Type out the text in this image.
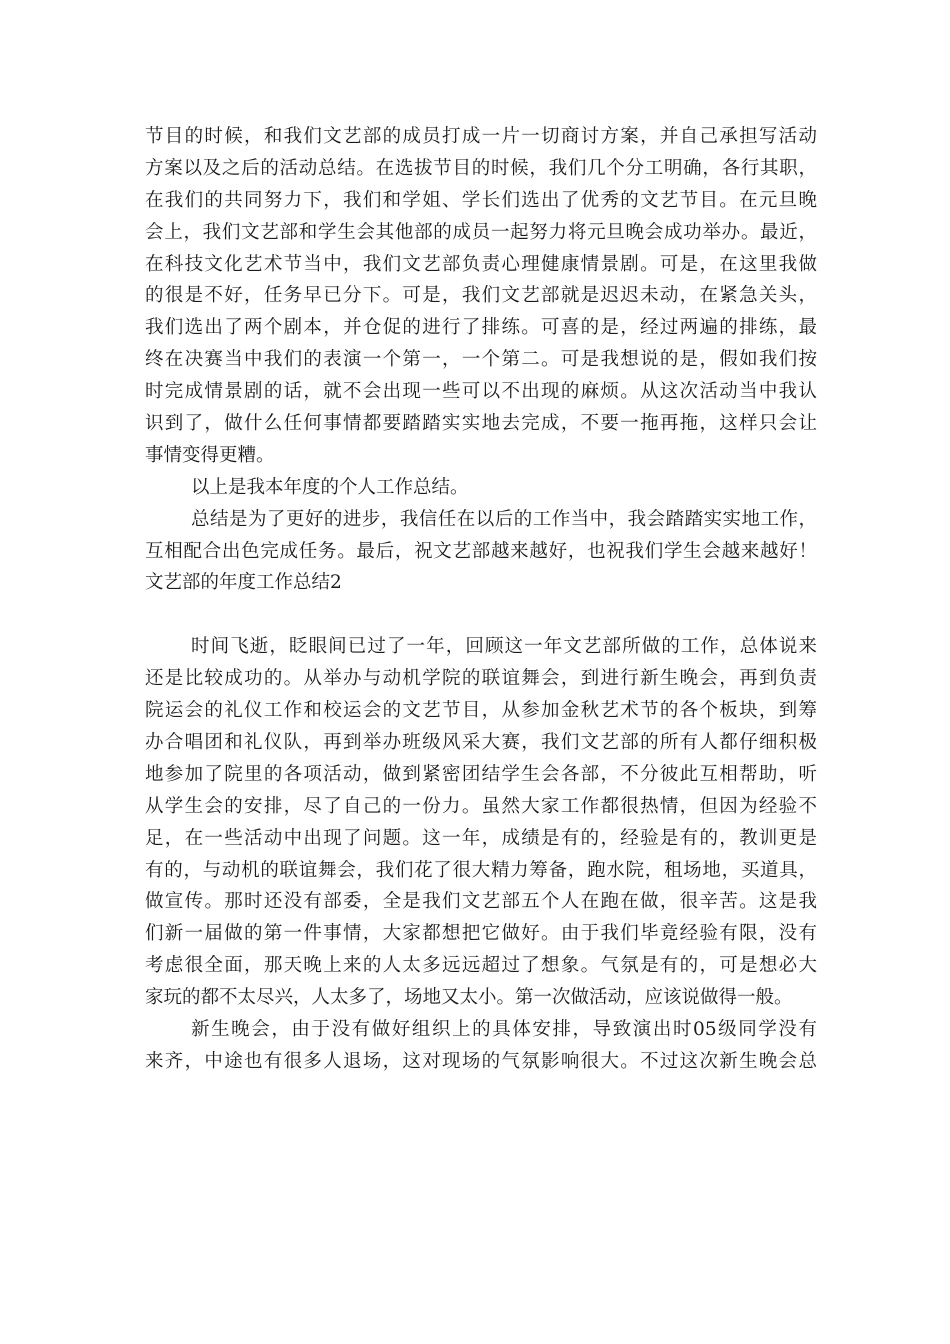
节目的时候，和我们文艺部的成员打成一片一切商讨方案，并自己承担写活动
方案以及之后的活动总结。在选拔节目的时候，我们几个分工明确，各行其职，
在我们的共同努力下，我们和学姐、学长们选出了优秀的文艺节目。在元旦晚
会上，我们文艺部和学生会其他部的成员一起努力将元旦晚会成功举办。最近，
在科技文化艺术节当中，我们文艺部负责心理健康情景剧。可是，在这里我做
的很是不好，任务早已分下。可是，我们文艺部就是迟迟未动，在紧急关头，
我们选出了两个剧本，并仓促的进行了排练。可喜的是，经过两遍的排练，最
终在决赛当中我们的表演一个第一，一个第二。可是我想说的是，假如我们按
时完成情景剧的话，就不会出现一些可以不出现的麻烦。从这次活动当中我认
识到了，做什么任何事情都要踏踏实实地去完成，不要一拖再拖，这样只会让
事情变得更糟。
以上是我本年度的个人工作总结。
总结是为了更好的进步，我信任在以后的工作当中，我会踏踏实实地工作，
互相配合出色完成任务。最后，祝文艺部越来越好，也祝我们学生会越来越好！
文艺部的年度工作总结2
时间飞逝，眨眼间已过了一年，回顾这一年文艺部所做的工作，总体说来
还是比较成功的。从举办与动机学院的联谊舞会，到进行新生晚会，再到负责
院运会的礼仪工作和校运会的文艺节目，从参加金秋艺术节的各个板块，到筹
办合唱团和礼仪队，再到举办班级风采大赛，我们文艺部的所有人都仔细积极
地参加了院里的各项活动，做到紧密团结学生会各部，不分彼此互相帮助，听
从学生会的安排，尽了自己的一份力。虽然大家工作都很热情，但因为经验不
足，在一些活动中出现了问题。这一年，成绩是有的，经验是有的，教训更是
有的，与动机的联谊舞会，我们花了很大精力筹备，跑水院，租场地，买道具，
做宣传。那时还没有部委，全是我们文艺部五个人在跑在做，很辛苦。这是我
们新一届做的第一件事情，大家都想把它做好。由于我们毕竟经验有限，没有
考虑很全面，那天晚上来的人太多远远超过了想象。气氛是有的，可是想必大
家玩的都不太尽兴，人太多了，场地又太小。第一次做活动，应该说做得一般。
新生晚会，由于没有做好组织上的具体安排，导致演出时05级同学没有
来齐，中途也有很多人退场，这对现场的气氛影响很大。不过这次新生晚会总
